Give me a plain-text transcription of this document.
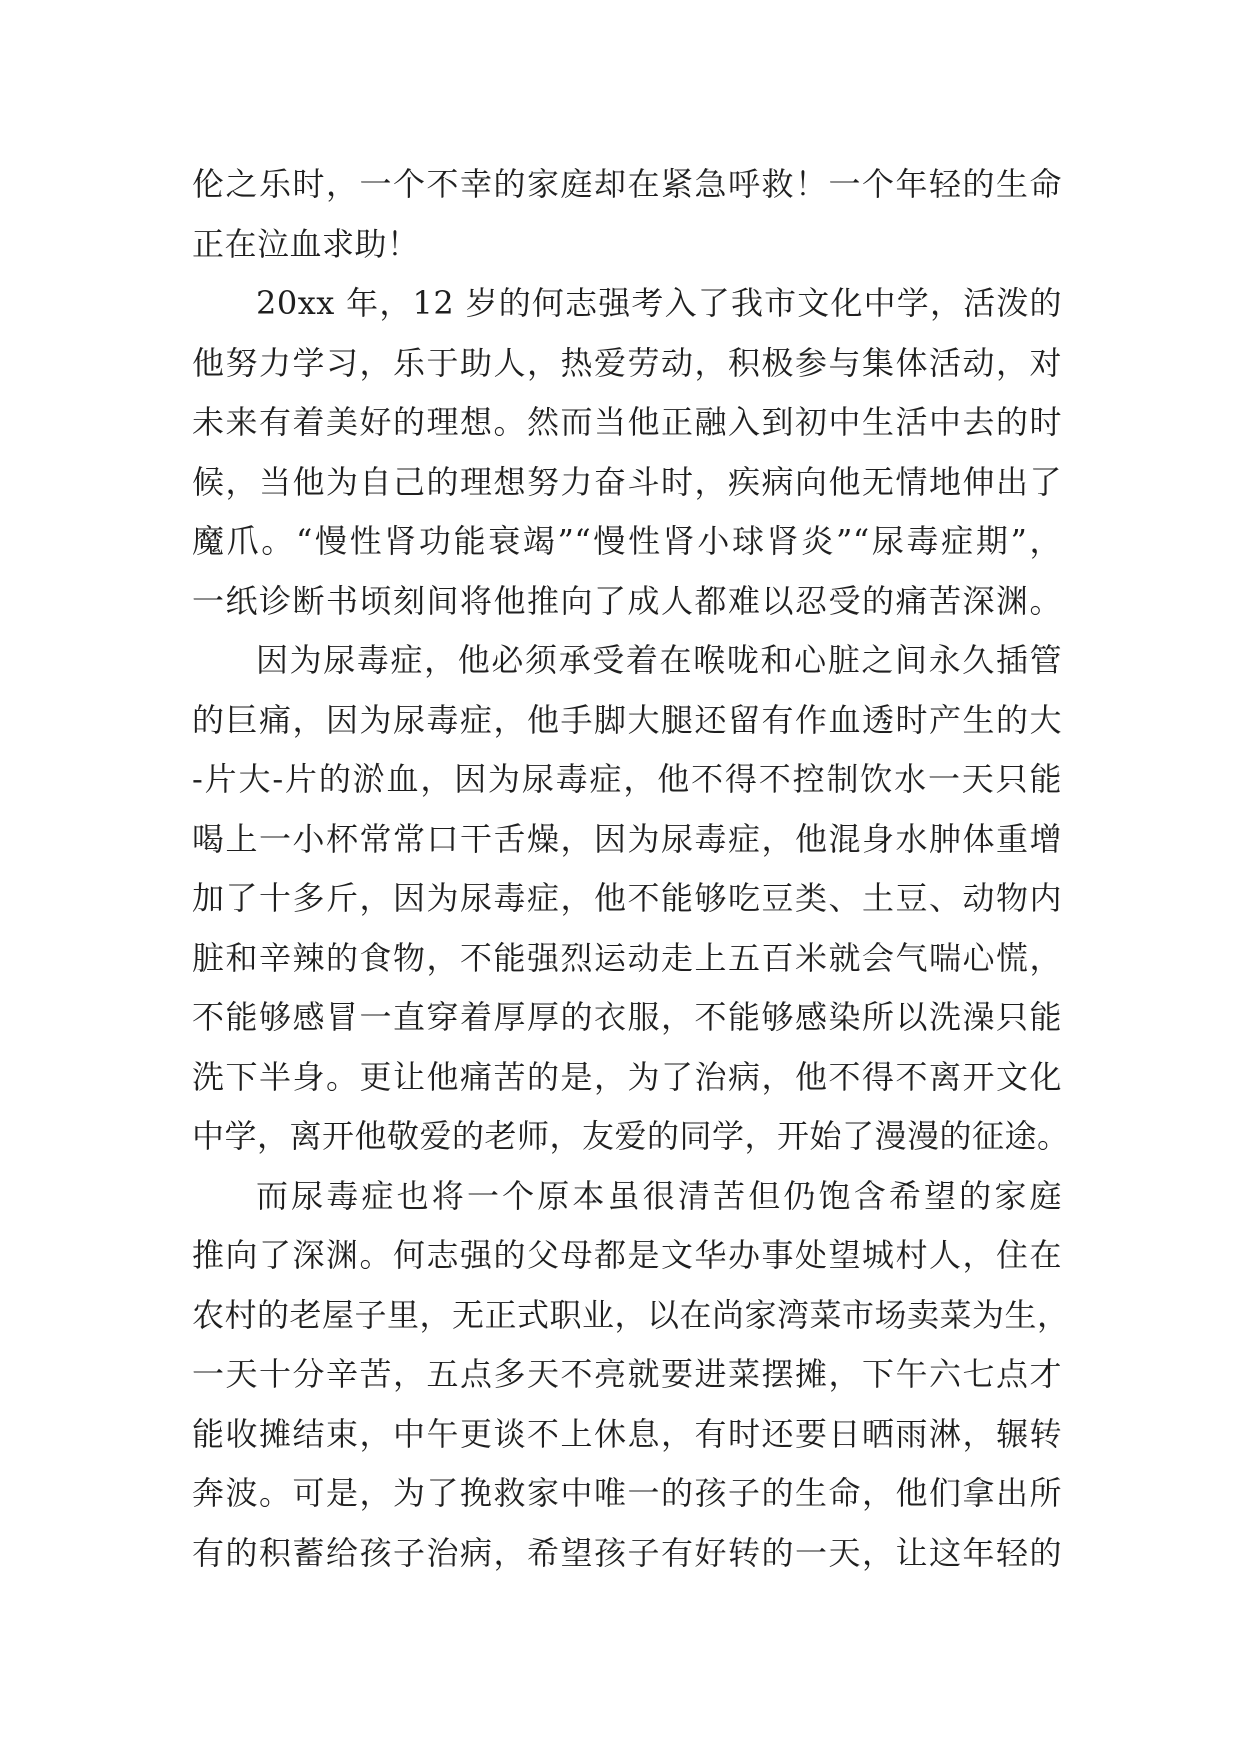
伦之乐时，一个不幸的家庭却在紧急呼救！一个年轻的生命
正在泣血求助！
20xx 年，12 岁的何志强考入了我市文化中学，活泼的
他努力学习，乐于助人，热爱劳动，积极参与集体活动，对
未来有着美好的理想。然而当他正融入到初中生活中去的时
候，当他为自己的理想努力奋斗时，疾病向他无情地伸出了
魔爪。“慢性肾功能衰竭”“慢性肾小球肾炎”“尿毒症期”，
一纸诊断书顷刻间将他推向了成人都难以忍受的痛苦深渊。
因为尿毒症，他必须承受着在喉咙和心脏之间永久插管
的巨痛，因为尿毒症，他手脚大腿还留有作血透时产生的大
-片大-片的淤血，因为尿毒症，他不得不控制饮水一天只能
喝上一小杯常常口干舌燥，因为尿毒症，他混身水肿体重增
加了十多斤，因为尿毒症，他不能够吃豆类、土豆、动物内
脏和辛辣的食物，不能强烈运动走上五百米就会气喘心慌，
不能够感冒一直穿着厚厚的衣服，不能够感染所以洗澡只能
洗下半身。更让他痛苦的是，为了治病，他不得不离开文化
中学，离开他敬爱的老师，友爱的同学，开始了漫漫的征途。
而尿毒症也将一个原本虽很清苦但仍饱含希望的家庭
推向了深渊。何志强的父母都是文华办事处望城村人，住在
农村的老屋子里，无正式职业，以在尚家湾菜市场卖菜为生，
一天十分辛苦，五点多天不亮就要进菜摆摊，下午六七点才
能收摊结束，中午更谈不上休息，有时还要日晒雨淋，辗转
奔波。可是，为了挽救家中唯一的孩子的生命，他们拿出所
有的积蓄给孩子治病，希望孩子有好转的一天，让这年轻的
